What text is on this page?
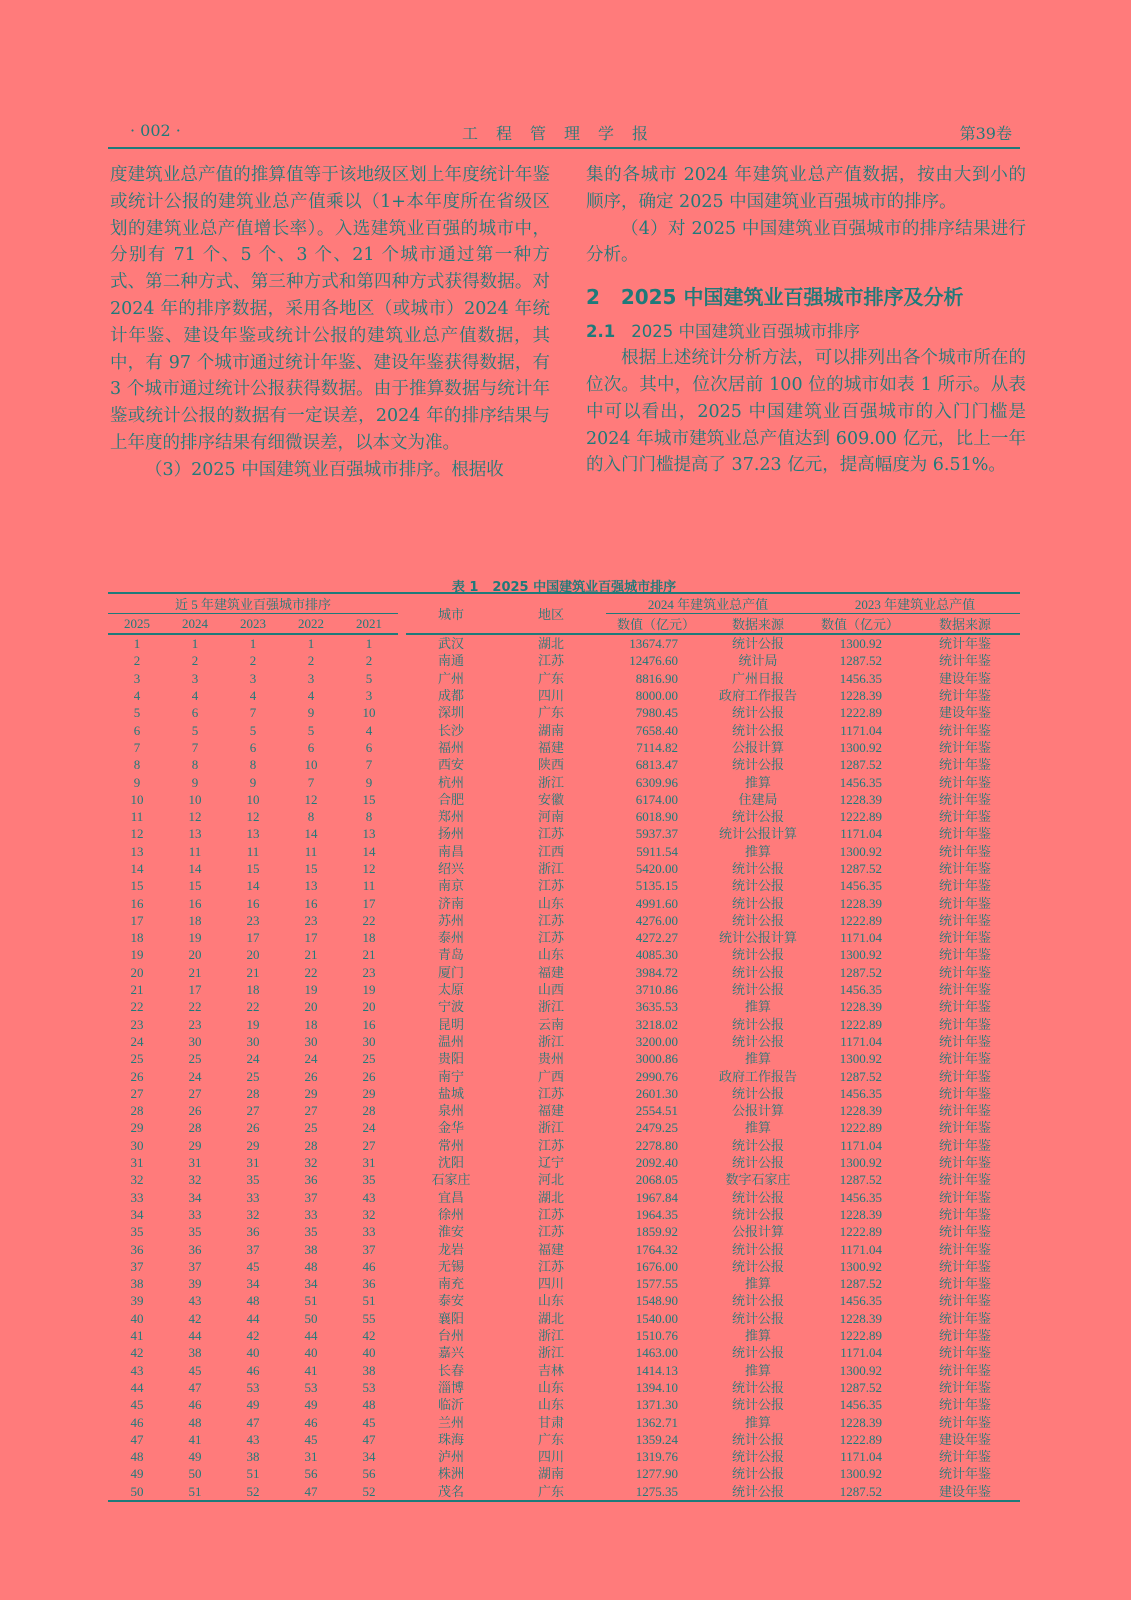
· 002 ·	工程管理学报	第39卷

度建筑业总产值的推算值等于该地级区划上年度统计年鉴或统计公报的建筑业总产值乘以（1+本年度所在省级区划的建筑业总产值增长率）。入选建筑业百强的城市中，分别有 71 个、5 个、3 个、21 个城市通过第一种方式、第二种方式、第三种方式和第四种方式获得数据。对 2024 年的排序数据，采用各地区（或城市）2024 年统计年鉴、建设年鉴或统计公报的建筑业总产值数据，其中，有 97 个城市通过统计年鉴、建设年鉴获得数据，有 3 个城市通过统计公报获得数据。由于推算数据与统计年鉴或统计公报的数据有一定误差，2024 年的排序结果与上年度的排序结果有细微误差，以本文为准。

（3）2025 中国建筑业百强城市排序。根据收

集的各城市 2024 年建筑业总产值数据，按由大到小的顺序，确定 2025 中国建筑业百强城市的排序。

（4）对 2025 中国建筑业百强城市的排序结果进行分析。

2 2025 中国建筑业百强城市排序及分析

2.1 2025 中国建筑业百强城市排序

根据上述统计分析方法，可以排列出各个城市所在的位次。其中，位次居前 100 位的城市如表 1 所示。从表中可以看出，2025 中国建筑业百强城市的入门门槛是 2024 年城市建筑业总产值达到 609.00 亿元，比上一年的入门门槛提高了 37.23 亿元，提高幅度为 6.51%。

表 1 2025 中国建筑业百强城市排序
近 5 年建筑业百强城市排序						城市	地区	2024 年建筑业总产值		2023 年建筑业总产值	
2025	2024	2023	2022	2021				数值（亿元）	数据来源	数值（亿元）	数据来源
1	1	1	1	1		武汉	湖北	13674.77	统计公报	1300.92	统计年鉴
2	2	2	2	2		南通	江苏	12476.60	统计局	1287.52	统计年鉴
3	3	3	3	5		广州	广东	8816.90	广州日报	1456.35	建设年鉴
4	4	4	4	3		成都	四川	8000.00	政府工作报告	1228.39	统计年鉴
5	6	7	9	10		深圳	广东	7980.45	统计公报	1222.89	建设年鉴
6	5	5	5	4		长沙	湖南	7658.40	统计公报	1171.04	统计年鉴
7	7	6	6	6		福州	福建	7114.82	公报计算	1300.92	统计年鉴
8	8	8	10	7		西安	陕西	6813.47	统计公报	1287.52	统计年鉴
9	9	9	7	9		杭州	浙江	6309.96	推算	1456.35	统计年鉴
10	10	10	12	15		合肥	安徽	6174.00	住建局	1228.39	统计年鉴
11	12	12	8	8		郑州	河南	6018.90	统计公报	1222.89	统计年鉴
12	13	13	14	13		扬州	江苏	5937.37	统计公报计算	1171.04	统计年鉴
13	11	11	11	14		南昌	江西	5911.54	推算	1300.92	统计年鉴
14	14	15	15	12		绍兴	浙江	5420.00	统计公报	1287.52	统计年鉴
15	15	14	13	11		南京	江苏	5135.15	统计公报	1456.35	统计年鉴
16	16	16	16	17		济南	山东	4991.60	统计公报	1228.39	统计年鉴
17	18	23	23	22		苏州	江苏	4276.00	统计公报	1222.89	统计年鉴
18	19	17	17	18		泰州	江苏	4272.27	统计公报计算	1171.04	统计年鉴
19	20	20	21	21		青岛	山东	4085.30	统计公报	1300.92	统计年鉴
20	21	21	22	23		厦门	福建	3984.72	统计公报	1287.52	统计年鉴
21	17	18	19	19		太原	山西	3710.86	统计公报	1456.35	统计年鉴
22	22	22	20	20		宁波	浙江	3635.53	推算	1228.39	统计年鉴
23	23	19	18	16		昆明	云南	3218.02	统计公报	1222.89	统计年鉴
24	30	30	30	30		温州	浙江	3200.00	统计公报	1171.04	统计年鉴
25	25	24	24	25		贵阳	贵州	3000.86	推算	1300.92	统计年鉴
26	24	25	26	26		南宁	广西	2990.76	政府工作报告	1287.52	统计年鉴
27	27	28	29	29		盐城	江苏	2601.30	统计公报	1456.35	统计年鉴
28	26	27	27	28		泉州	福建	2554.51	公报计算	1228.39	统计年鉴
29	28	26	25	24		金华	浙江	2479.25	推算	1222.89	统计年鉴
30	29	29	28	27		常州	江苏	2278.80	统计公报	1171.04	统计年鉴
31	31	31	32	31		沈阳	辽宁	2092.40	统计公报	1300.92	统计年鉴
32	32	35	36	35		石家庄	河北	2068.05	数字石家庄	1287.52	统计年鉴
33	34	33	37	43		宜昌	湖北	1967.84	统计公报	1456.35	统计年鉴
34	33	32	33	32		徐州	江苏	1964.35	统计公报	1228.39	统计年鉴
35	35	36	35	33		淮安	江苏	1859.92	公报计算	1222.89	统计年鉴
36	36	37	38	37		龙岩	福建	1764.32	统计公报	1171.04	统计年鉴
37	37	45	48	46		无锡	江苏	1676.00	统计公报	1300.92	统计年鉴
38	39	34	34	36		南充	四川	1577.55	推算	1287.52	统计年鉴
39	43	48	51	51		泰安	山东	1548.90	统计公报	1456.35	统计年鉴
40	42	44	50	55		襄阳	湖北	1540.00	统计公报	1228.39	统计年鉴
41	44	42	44	42		台州	浙江	1510.76	推算	1222.89	统计年鉴
42	38	40	40	40		嘉兴	浙江	1463.00	统计公报	1171.04	统计年鉴
43	45	46	41	38		长春	吉林	1414.13	推算	1300.92	统计年鉴
44	47	53	53	53		淄博	山东	1394.10	统计公报	1287.52	统计年鉴
45	46	49	49	48		临沂	山东	1371.30	统计公报	1456.35	统计年鉴
46	48	47	46	45		兰州	甘肃	1362.71	推算	1228.39	统计年鉴
47	41	43	45	47		珠海	广东	1359.24	统计公报	1222.89	建设年鉴
48	49	38	31	34		泸州	四川	1319.76	统计公报	1171.04	统计年鉴
49	50	51	56	56		株洲	湖南	1277.90	统计公报	1300.92	统计年鉴
50	51	52	47	52		茂名	广东	1275.35	统计公报	1287.52	建设年鉴
